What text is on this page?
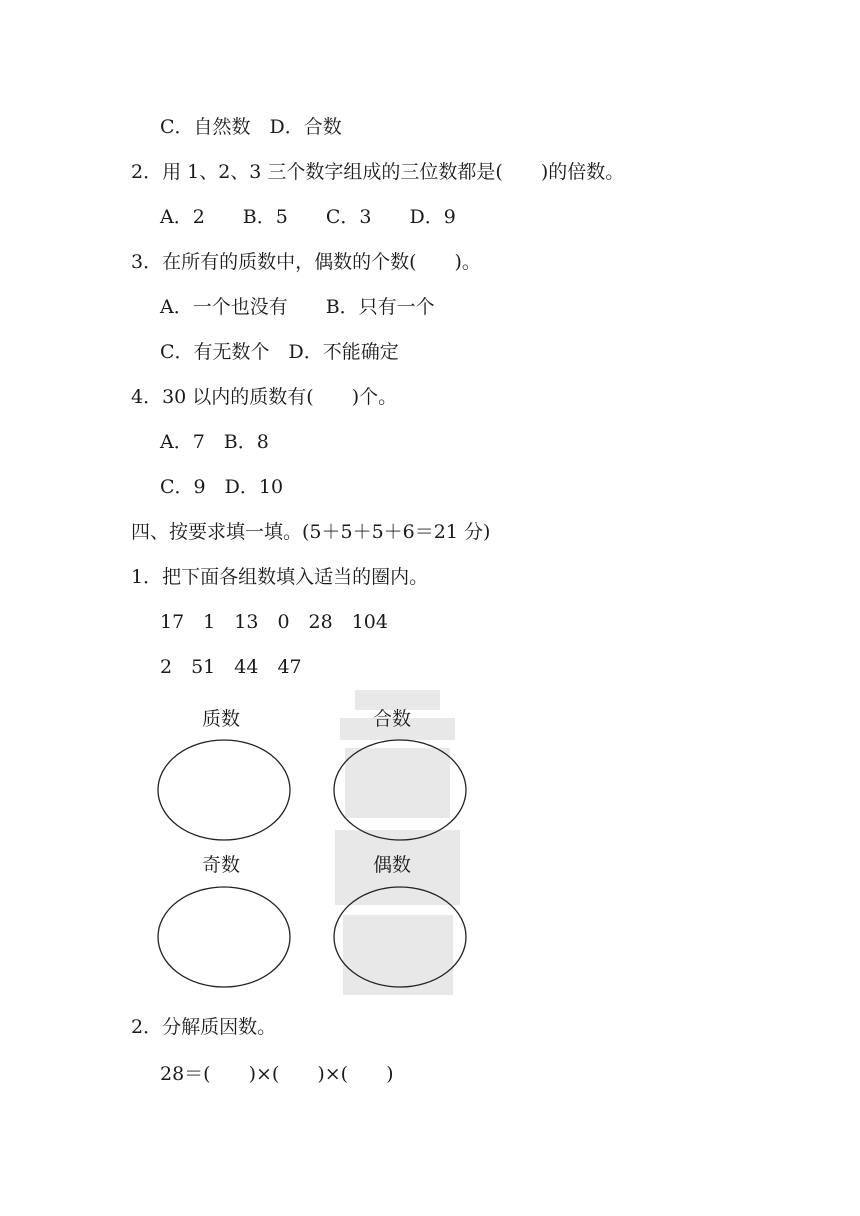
C．自然数　D．合数
2．用 1、2、3 三个数字组成的三位数都是(　　)的倍数。
A．2　　B．5　　C．3　　D．9
3．在所有的质数中，偶数的个数(　　)。
A．一个也没有　　B．只有一个
C．有无数个　D．不能确定
4．30 以内的质数有(　　)个。
A．7　B．8
C．9　D．10
四、按要求填一填。(5＋5＋5＋6＝21 分)
1．把下面各组数填入适当的圈内。
17　1　13　0　28　104
2　51　44　47
质数	合数
奇数	偶数
2．分解质因数。
28＝(　　)×(　　)×(　　)
